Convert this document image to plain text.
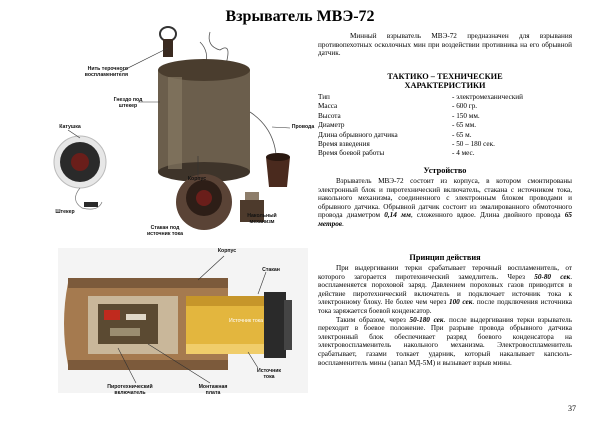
Взрыватель МВЭ-72
Нить терочного воспламенителя
Гнездо под штекер
Провода
Катушка
Корпус
Штекер
Стакан под источник тока
Накольный механизм
Корпус
Стакан
Источник тока
Источник тока
Пиротехнический включатель
Монтажная плата

Минный взрыватель МВЭ-72 предназначен для взрывания противопехотных осколочных мин при воздействии противника на его обрывной датчик.

ТАКТИКО – ТЕХНИЧЕСКИЕ ХАРАКТЕРИСТИКИ

Тип	- электромеханический
Масса	- 600 гр.
Высота	- 150 мм.
Диаметр	- 65 мм.
Длина обрывного датчика	- 65 м.
Время взведения	- 50 – 180 сек.
Время боевой работы	- 4 мес.

Устройство

Взрыватель МВЭ-72 состоит из корпуса, в котором смонтированы электронный блок и пиротехнический включатель, стакана с источником тока, накольного механизма, соединенного с электронным блоком проводами и обрывного датчика. Обрывной датчик состоит из эмалированного обмоточного провода диаметром 0,14 мм, сложенного вдвое. Длина двойного провода 65 метров.

Принцип действия

При выдергивании терки срабатывает терочный воспламенитель, от которого загорается пиротехнический замедлитель. Через 50-80 сек. воспламеняется пороховой заряд. Давлением пороховых газов приводится в действие пиротехнический включатель и подключает источник тока к электронному блоку. Не более чем через 100 сек. после подключения источника тока заряжается боевой конденсатор.

Таким образом, через 50-180 сек. после выдергивания терки взрыватель переходит в боевое положение. При разрыве провода обрывного датчика электронный блок обеспечивает разряд боевого конденсатора на электровоспламенитель накольного механизма. Электровоспламенитель срабатывает, газами толкает ударник, который накалывает капсюль-воспламенитель мины (запал МД-5М) и вызывает взрыв мины.

37
